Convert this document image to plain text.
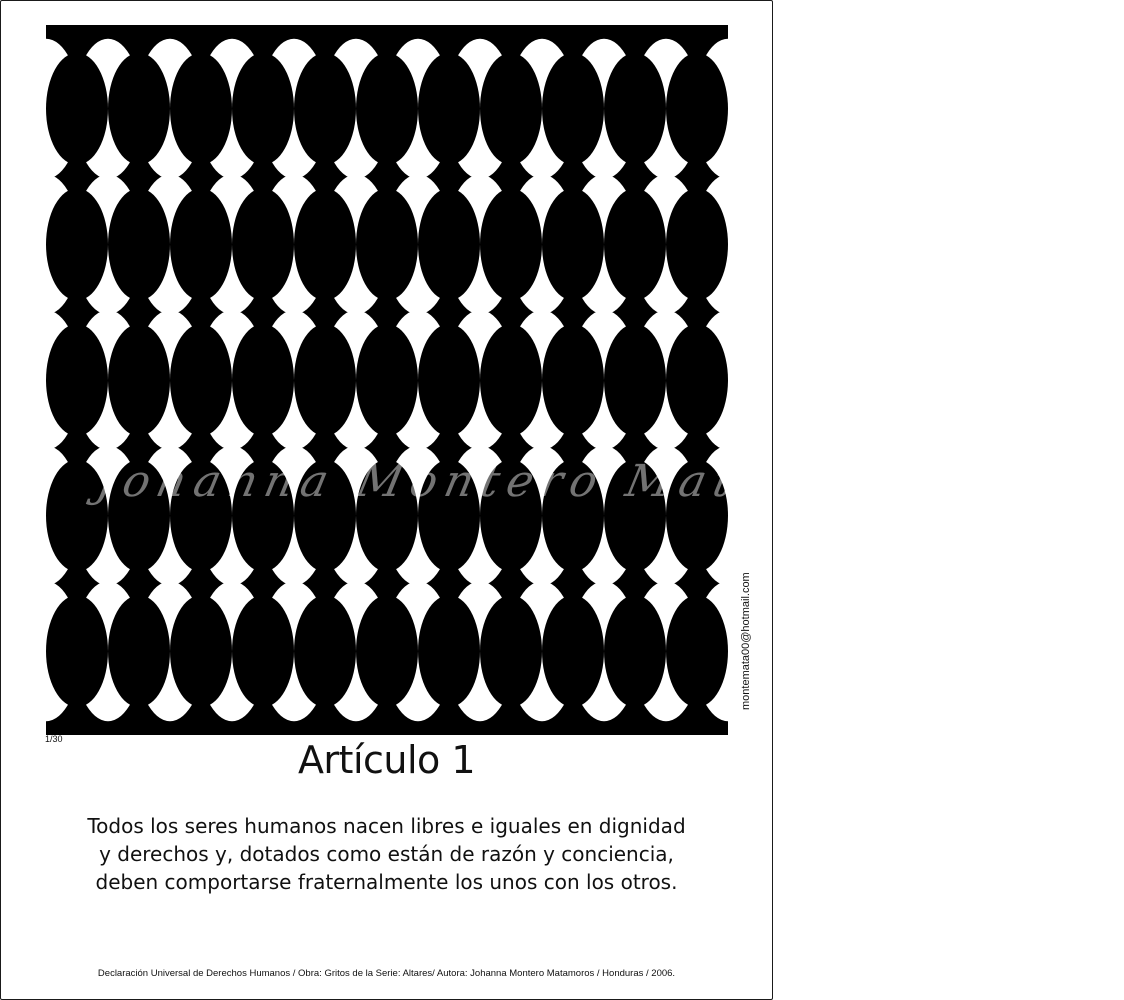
Johanna Montero Matamoros 2006
montemata00@hotmail.com
1/30	Artículo 1
Todos los seres humanos nacen libres e iguales en dignidad
y derechos y, dotados como están de razón y conciencia,
deben comportarse fraternalmente los unos con los otros.
Declaración Universal de Derechos Humanos / Obra: Gritos de la Serie: Altares/ Autora: Johanna Montero Matamoros / Honduras / 2006.
